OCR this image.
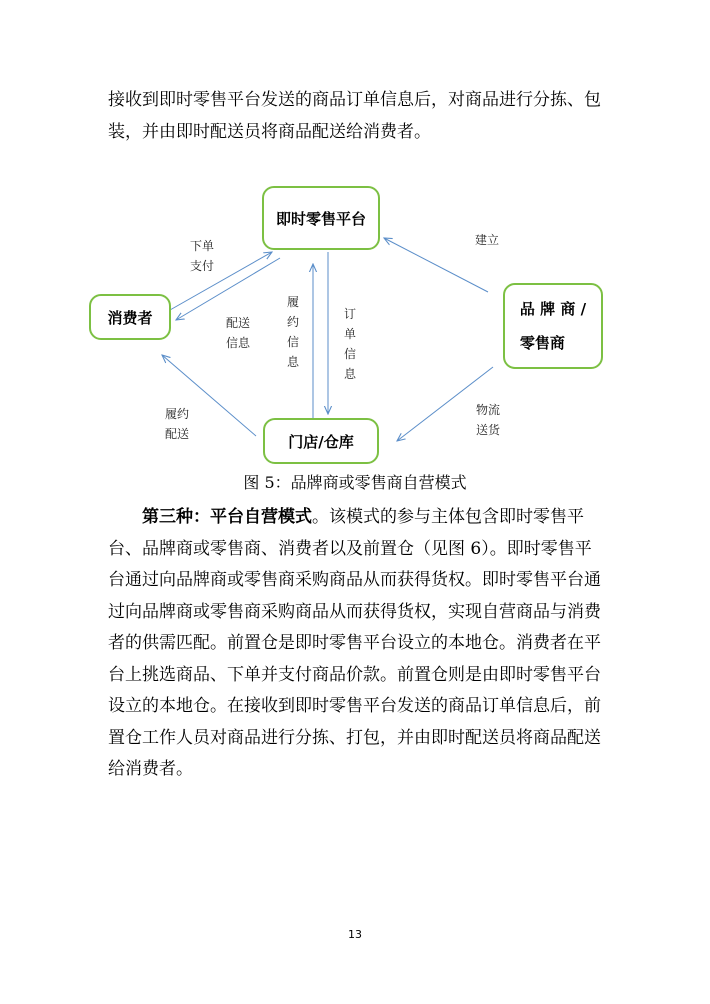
接收到即时零售平台发送的商品订单信息后，对商品进行分拣、包装，并由即时配送员将商品配送给消费者。

即时零售平台
消费者	品 牌 商 /
零售商
门店/仓库
下单
支付
配送
信息
履约信息
订单信息
建立
物流
送货
履约
配送
图 5：品牌商或零售商自营模式

第三种：平台自营模式。该模式的参与主体包含即时零售平台、品牌商或零售商、消费者以及前置仓（见图 6）。即时零售平台通过向品牌商或零售商采购商品从而获得货权。即时零售平台通过向品牌商或零售商采购商品从而获得货权，实现自营商品与消费者的供需匹配。前置仓是即时零售平台设立的本地仓。消费者在平台上挑选商品、下单并支付商品价款。前置仓则是由即时零售平台设立的本地仓。在接收到即时零售平台发送的商品订单信息后，前置仓工作人员对商品进行分拣、打包，并由即时配送员将商品配送给消费者。

13
